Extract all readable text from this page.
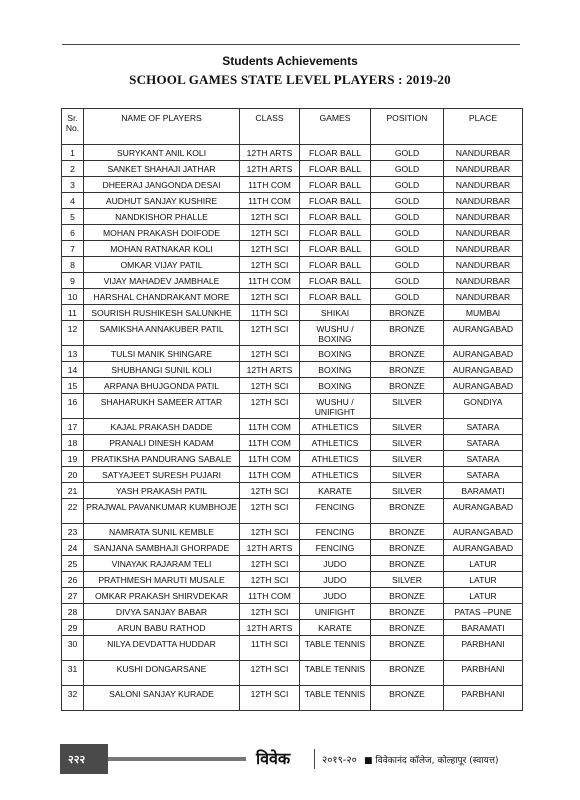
Students Achievements
SCHOOL GAMES STATE LEVEL PLAYERS : 2019-20
Sr. No.	NAME OF PLAYERS	CLASS	GAMES	POSITION	PLACE
1	SURYKANT ANIL KOLI	12TH ARTS	FLOAR BALL	GOLD	NANDURBAR
2	SANKET SHAHAJI JATHAR	12TH ARTS	FLOAR BALL	GOLD	NANDURBAR
3	DHEERAJ JANGONDA DESAI	11TH COM	FLOAR BALL	GOLD	NANDURBAR
4	AUDHUT SANJAY KUSHIRE	11TH COM	FLOAR BALL	GOLD	NANDURBAR
5	NANDKISHOR PHALLE	12TH SCI	FLOAR BALL	GOLD	NANDURBAR
6	MOHAN PRAKASH DOIFODE	12TH SCI	FLOAR BALL	GOLD	NANDURBAR
7	MOHAN RATNAKAR KOLI	12TH SCI	FLOAR BALL	GOLD	NANDURBAR
8	OMKAR VIJAY PATIL	12TH SCI	FLOAR BALL	GOLD	NANDURBAR
9	VIJAY MAHADEV JAMBHALE	11TH COM	FLOAR BALL	GOLD	NANDURBAR
10	HARSHAL CHANDRAKANT MORE	12TH SCI	FLOAR BALL	GOLD	NANDURBAR
11	SOURISH RUSHIKESH SALUNKHE	11TH SCI	SHIKAI	BRONZE	MUMBAI
12	SAMIKSHA ANNAKUBER PATIL	12TH SCI	WUSHU / BOXING	BRONZE	AURANGABAD
13	TULSI MANIK SHINGARE	12TH SCI	BOXING	BRONZE	AURANGABAD
14	SHUBHANGI SUNIL KOLI	12TH ARTS	BOXING	BRONZE	AURANGABAD
15	ARPANA BHUJGONDA PATIL	12TH SCI	BOXING	BRONZE	AURANGABAD
16	SHAHARUKH SAMEER ATTAR	12TH SCI	WUSHU / UNIFIGHT	SILVER	GONDIYA
17	KAJAL PRAKASH DADDE	11TH COM	ATHLETICS	SILVER	SATARA
18	PRANALI DINESH KADAM	11TH COM	ATHLETICS	SILVER	SATARA
19	PRATIKSHA PANDURANG SABALE	11TH COM	ATHLETICS	SILVER	SATARA
20	SATYAJEET SURESH PUJARI	11TH COM	ATHLETICS	SILVER	SATARA
21	YASH PRAKASH PATIL	12TH SCI	KARATE	SILVER	BARAMATI
22	PRAJWAL PAVANKUMAR KUMBHOJE	12TH SCI	FENCING	BRONZE	AURANGABAD
23	NAMRATA SUNIL KEMBLE	12TH SCI	FENCING	BRONZE	AURANGABAD
24	SANJANA SAMBHAJI GHORPADE	12TH ARTS	FENCING	BRONZE	AURANGABAD
25	VINAYAK RAJARAM TELI	12TH SCI	JUDO	BRONZE	LATUR
26	PRATHMESH MARUTI MUSALE	12TH SCI	JUDO	SILVER	LATUR
27	OMKAR PRAKASH SHIRVDEKAR	11TH COM	JUDO	BRONZE	LATUR
28	DIVYA SANJAY BABAR	12TH SCI	UNIFIGHT	BRONZE	PATAS –PUNE
29	ARUN BABU RATHOD	12TH ARTS	KARATE	BRONZE	BARAMATI
30	NILYA DEVDATTA HUDDAR	11TH SCI	TABLE TENNIS	BRONZE	PARBHANI
31	KUSHI DONGARSANE	12TH SCI	TABLE TENNIS	BRONZE	PARBHANI
32	SALONI SANJAY KURADE	12TH SCI	TABLE TENNIS	BRONZE	PARBHANI
२२२	विवेक	२०१९-२० ■ विवेकानंद कॉलेज, कोल्हापूर (स्वायत्त)
